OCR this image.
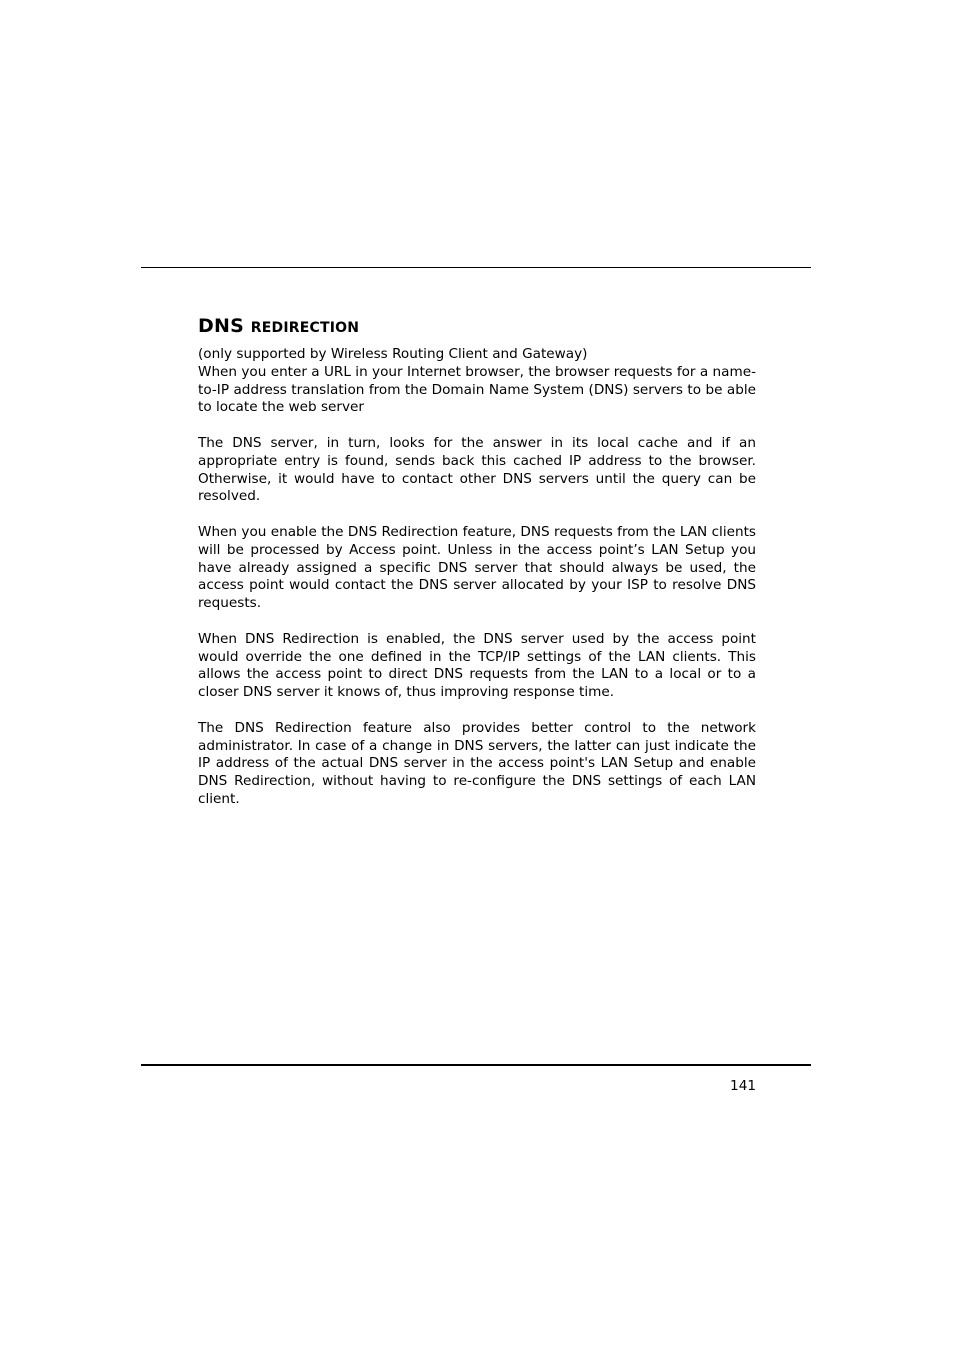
DNS REDIRECTION

(only supported by Wireless Routing Client and Gateway)

When you enter a URL in your Internet browser, the browser requests for a name-to-IP address translation from the Domain Name System (DNS) servers to be able to locate the web server

The DNS server, in turn, looks for the answer in its local cache and if an appropriate entry is found, sends back this cached IP address to the browser. Otherwise, it would have to contact other DNS servers until the query can be resolved.

When you enable the DNS Redirection feature, DNS requests from the LAN clients will be processed by Access point. Unless in the access point’s LAN Setup you have already assigned a specific DNS server that should always be used, the access point would contact the DNS server allocated by your ISP to resolve DNS requests.

When DNS Redirection is enabled, the DNS server used by the access point would override the one defined in the TCP/IP settings of the LAN clients. This allows the access point to direct DNS requests from the LAN to a local or to a closer DNS server it knows of, thus improving response time.

The DNS Redirection feature also provides better control to the network administrator. In case of a change in DNS servers, the latter can just indicate the IP address of the actual DNS server in the access point's LAN Setup and enable DNS Redirection, without having to re-configure the DNS settings of each LAN client.

141
